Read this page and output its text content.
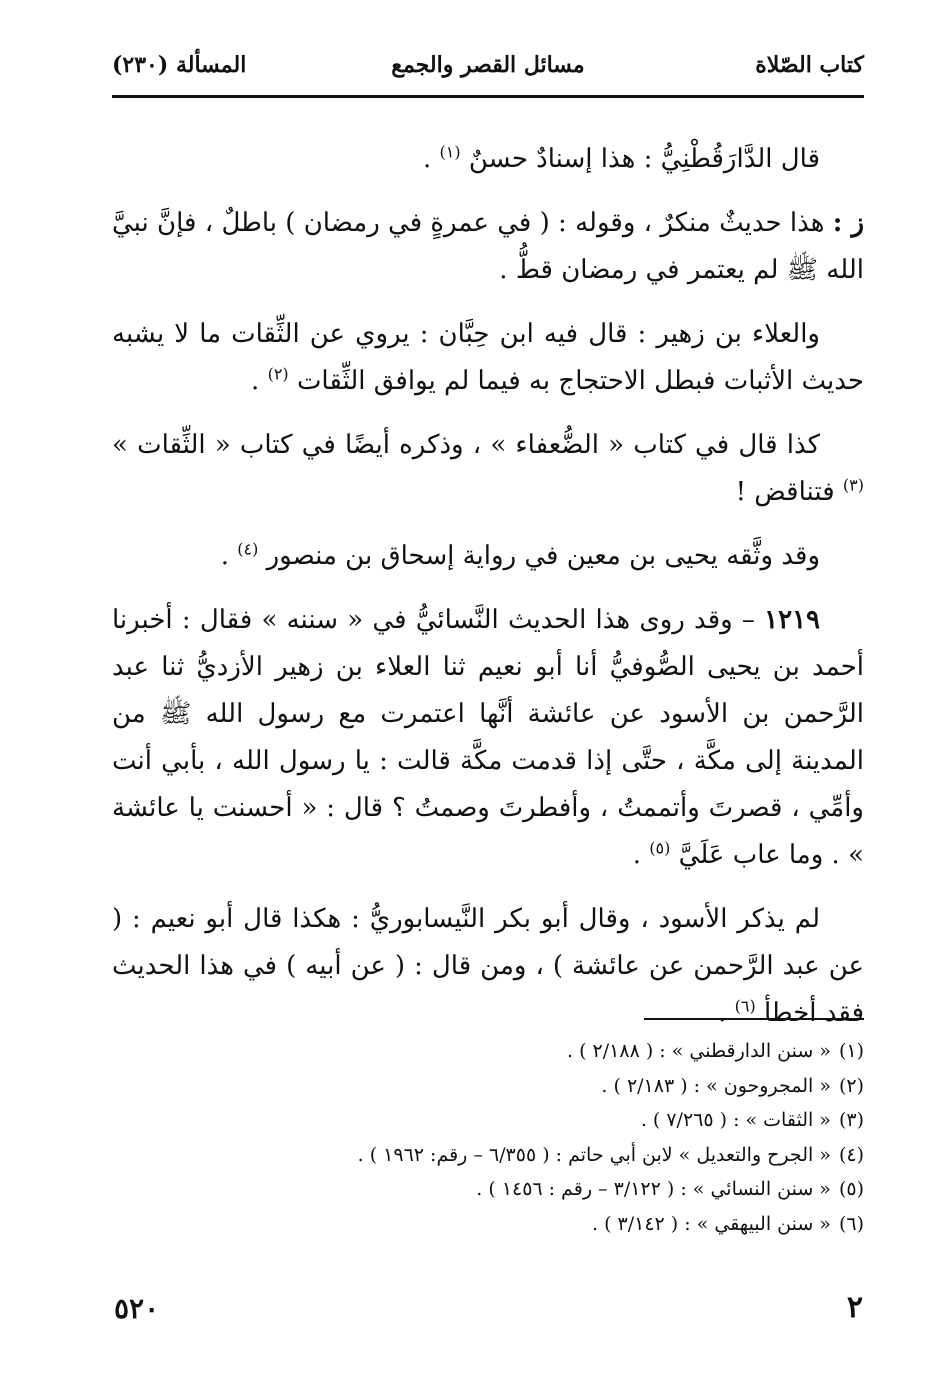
كتاب الصّلاة
مسائل القصر والجمع
المسألة (٢٣٠)

قال الدَّارَقُطْنِيُّ : هذا إسنادٌ حسنٌ $^{(١)}$ .

ز : هذا حديثٌ منكرٌ ، وقوله : ( في عمرةٍ في رمضان ) باطلٌ ، فإنَّ نبيَّ الله ﷺ لم يعتمر في رمضان قطُّ .

والعلاء بن زهير : قال فيه ابن حِبَّان : يروي عن الثِّقات ما لا يشبه حديث الأثبات فبطل الاحتجاج به فيما لم يوافق الثِّقات $^{(٢)}$ .

كذا قال في كتاب « الضُّعفاء » ، وذكره أيضًا في كتاب « الثِّقات » $^{(٣)}$ فتناقض !

وقد وثَّقه يحيى بن معين في رواية إسحاق بن منصور $^{(٤)}$ .

١٢١٩ – وقد روى هذا الحديث النَّسائيُّ في « سننه » فقال : أخبرنا أحمد بن يحيى الصُّوفيُّ أنا أبو نعيم ثنا العلاء بن زهير الأزديُّ ثنا عبد الرَّحمن بن الأسود عن عائشة أنَّها اعتمرت مع رسول الله ﷺ من المدينة إلى مكَّة ، حتَّى إذا قدمت مكَّة قالت : يا رسول الله ، بأبي أنت وأمِّي ، قصرتَ وأتممتُ ، وأفطرتَ وصمتُ ؟ قال : « أحسنت يا عائشة » . وما عاب عَلَيَّ $^{(٥)}$ .

لم يذكر الأسود ، وقال أبو بكر النَّيسابوريُّ : هكذا قال أبو نعيم : ( عن عبد الرَّحمن عن عائشة ) ، ومن قال : ( عن أبيه ) في هذا الحديث فقد أخطأ $^{(٦)}$ .

(١)« سنن الدارقطني » : ( ٢/١٨٨ ) .
(٢)« المجروحون » : ( ٢/١٨٣ ) .
(٣)« الثقات » : ( ٧/٢٦٥ ) .
(٤)« الجرح والتعديل » لابن أبي حاتم : ( ٦/٣٥٥ – رقم: ١٩٦٢ ) .
(٥)« سنن النسائي » : ( ٣/١٢٢ – رقم : ١٤٥٦ ) .
(٦)« سنن البيهقي » : ( ٣/١٤٢ ) .
٢
٥٢٠
